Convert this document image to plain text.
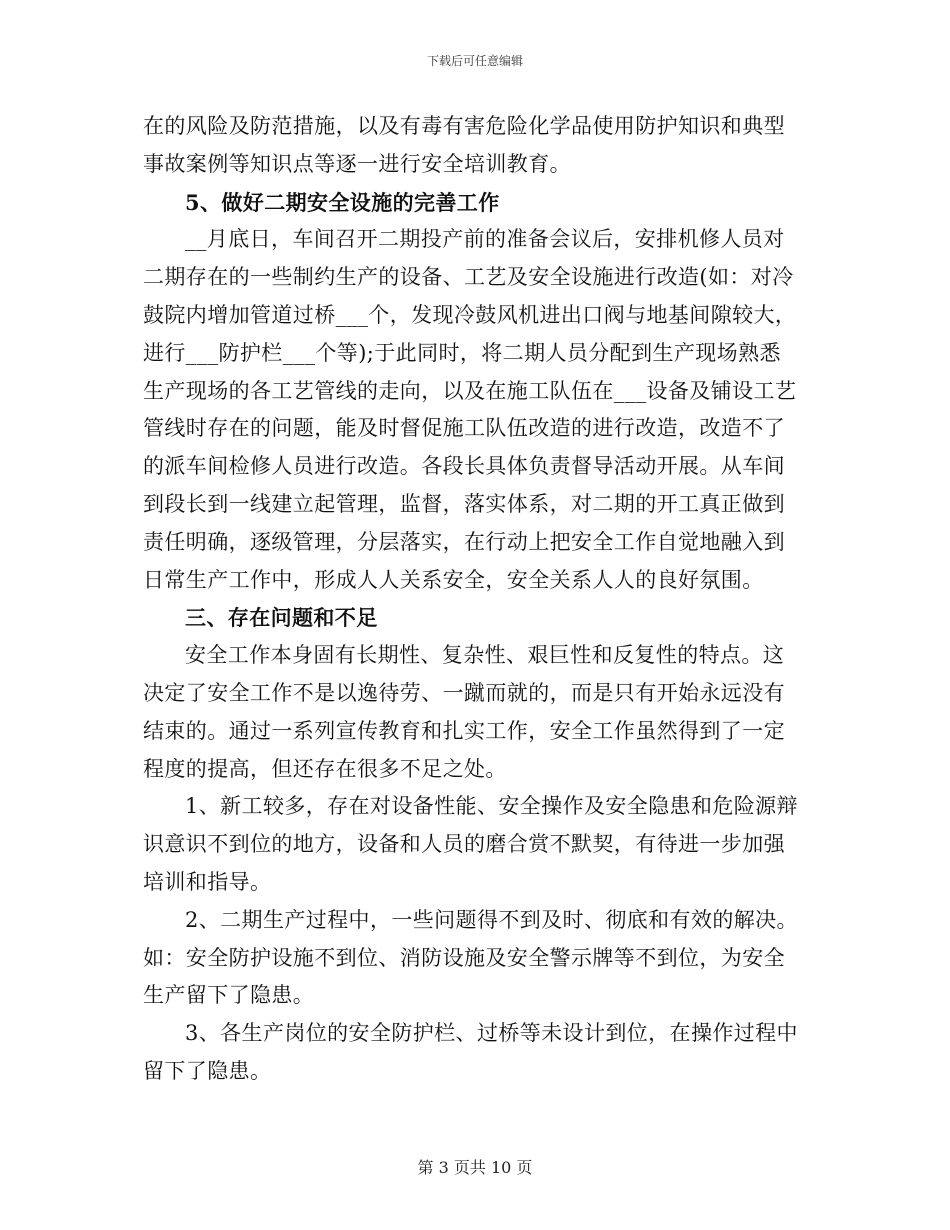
下载后可任意编辑
在的风险及防范措施，以及有毒有害危险化学品使用防护知识和典型
事故案例等知识点等逐一进行安全培训教育。
5、做好二期安全设施的完善工作
__月底日，车间召开二期投产前的准备会议后，安排机修人员对
二期存在的一些制约生产的设备、工艺及安全设施进行改造(如：对冷
鼓院内增加管道过桥___个，发现冷鼓风机进出口阀与地基间隙较大，
进行___防护栏___个等);于此同时，将二期人员分配到生产现场熟悉
生产现场的各工艺管线的走向，以及在施工队伍在___设备及铺设工艺
管线时存在的问题，能及时督促施工队伍改造的进行改造，改造不了
的派车间检修人员进行改造。各段长具体负责督导活动开展。从车间
到段长到一线建立起管理，监督，落实体系，对二期的开工真正做到
责任明确，逐级管理，分层落实，在行动上把安全工作自觉地融入到
日常生产工作中，形成人人关系安全，安全关系人人的良好氛围。
三、存在问题和不足
安全工作本身固有长期性、复杂性、艰巨性和反复性的特点。这
决定了安全工作不是以逸待劳、一蹴而就的，而是只有开始永远没有
结束的。通过一系列宣传教育和扎实工作，安全工作虽然得到了一定
程度的提高，但还存在很多不足之处。
1、新工较多，存在对设备性能、安全操作及安全隐患和危险源辩
识意识不到位的地方，设备和人员的磨合赏不默契，有待进一步加强
培训和指导。
2、二期生产过程中，一些问题得不到及时、彻底和有效的解决。
如：安全防护设施不到位、消防设施及安全警示牌等不到位，为安全
生产留下了隐患。
3、各生产岗位的安全防护栏、过桥等未设计到位，在操作过程中
留下了隐患。
第 3 页共 10 页
